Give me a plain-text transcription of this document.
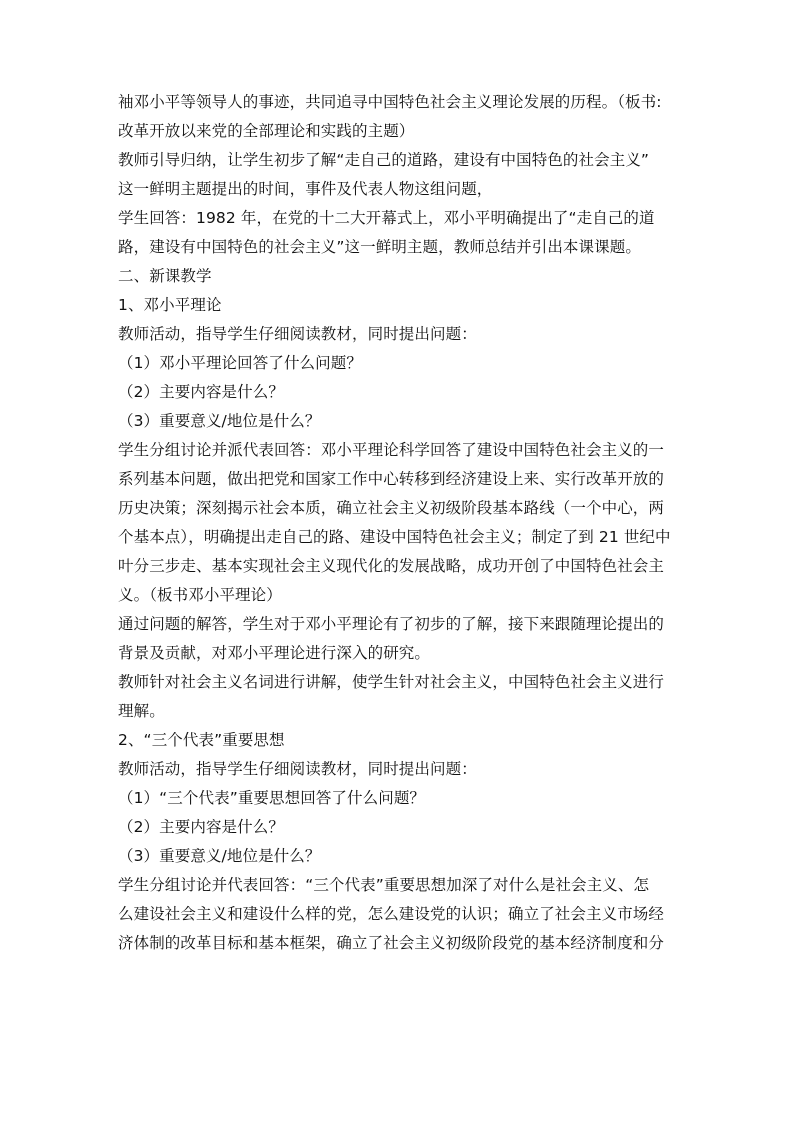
袖邓小平等领导人的事迹，共同追寻中国特色社会主义理论发展的历程。（板书:
改革开放以来党的全部理论和实践的主题）
教师引导归纳，让学生初步了解“走自己的道路，建设有中国特色的社会主义”
这一鲜明主题提出的时间，事件及代表人物这组问题，
学生回答：1982 年，在党的十二大开幕式上，邓小平明确提出了“走自己的道
路，建设有中国特色的社会主义”这一鲜明主题，教师总结并引出本课课题。
二、新课教学
1、邓小平理论
教师活动，指导学生仔细阅读教材，同时提出问题：
（1）邓小平理论回答了什么问题？
（2）主要内容是什么？
（3）重要意义/地位是什么？
学生分组讨论并派代表回答：邓小平理论科学回答了建设中国特色社会主义的一
系列基本问题，做出把党和国家工作中心转移到经济建设上来、实行改革开放的
历史决策；深刻揭示社会本质，确立社会主义初级阶段基本路线（一个中心，两
个基本点），明确提出走自己的路、建设中国特色社会主义；制定了到 21 世纪中
叶分三步走、基本实现社会主义现代化的发展战略，成功开创了中国特色社会主
义。（板书邓小平理论）
通过问题的解答，学生对于邓小平理论有了初步的了解，接下来跟随理论提出的
背景及贡献，对邓小平理论进行深入的研究。
教师针对社会主义名词进行讲解，使学生针对社会主义，中国特色社会主义进行
理解。
2、“三个代表”重要思想
教师活动，指导学生仔细阅读教材，同时提出问题：
（1）“三个代表”重要思想回答了什么问题？
（2）主要内容是什么？
（3）重要意义/地位是什么？
学生分组讨论并代表回答：“三个代表”重要思想加深了对什么是社会主义、怎
么建设社会主义和建设什么样的党，怎么建设党的认识；确立了社会主义市场经
济体制的改革目标和基本框架，确立了社会主义初级阶段党的基本经济制度和分
